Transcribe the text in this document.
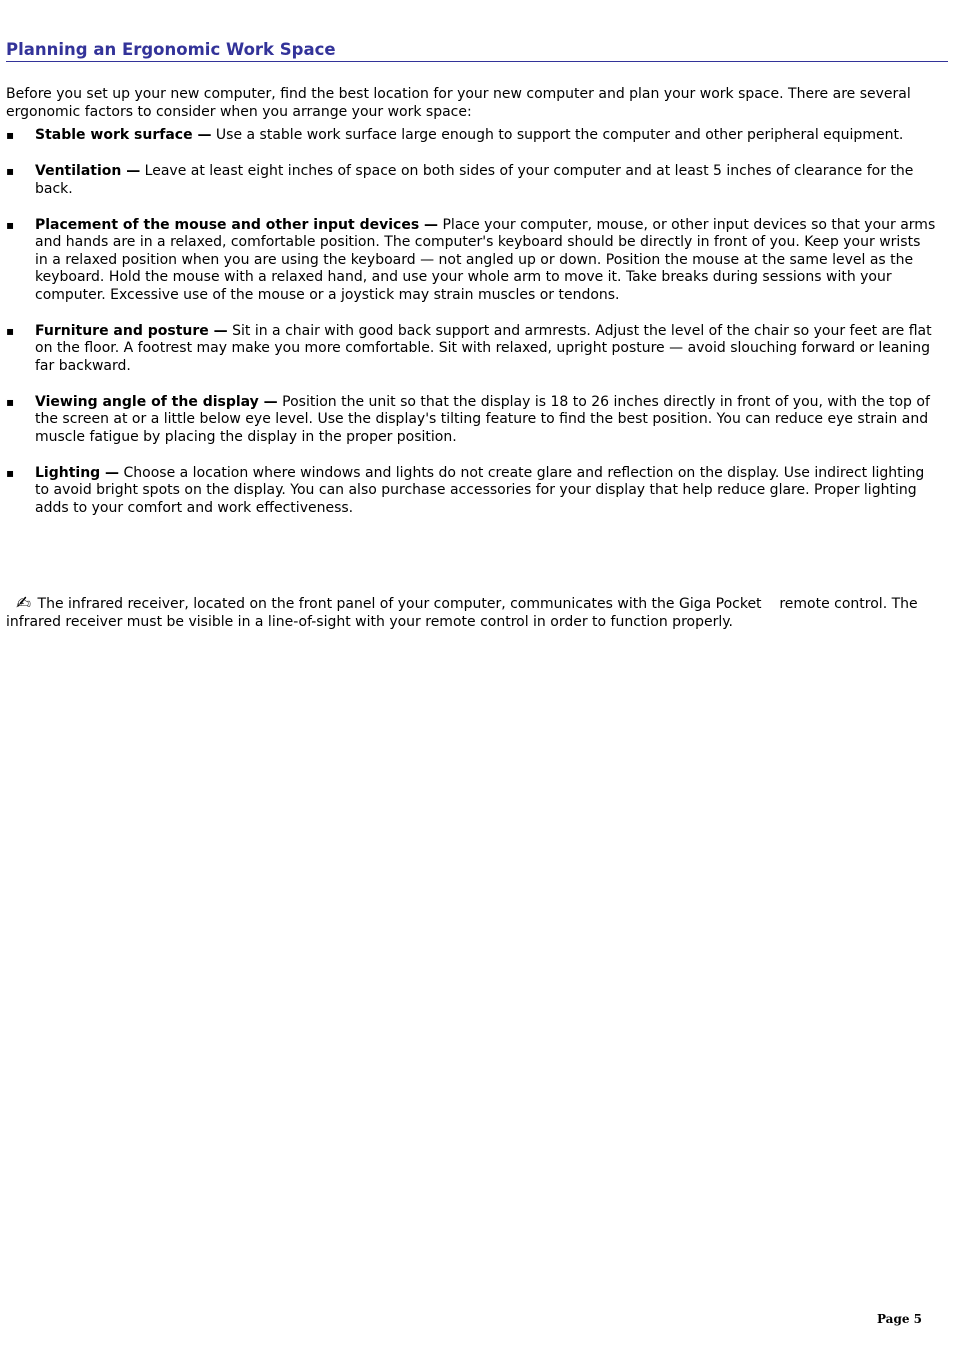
Planning an Ergonomic Work Space

Before you set up your new computer, find the best location for your new computer and plan your work space. There are several ergonomic factors to consider when you arrange your work space:

▪ Stable work surface — Use a stable work surface large enough to support the computer and other peripheral equipment.
▪ Ventilation — Leave at least eight inches of space on both sides of your computer and at least 5 inches of clearance for the back.
▪ Placement of the mouse and other input devices — Place your computer, mouse, or other input devices so that your arms and hands are in a relaxed, comfortable position. The computer's keyboard should be directly in front of you. Keep your wrists in a relaxed position when you are using the keyboard — not angled up or down. Position the mouse at the same level as the keyboard. Hold the mouse with a relaxed hand, and use your whole arm to move it. Take breaks during sessions with your computer. Excessive use of the mouse or a joystick may strain muscles or tendons.
▪ Furniture and posture — Sit in a chair with good back support and armrests. Adjust the level of the chair so your feet are flat on the floor. A footrest may make you more comfortable. Sit with relaxed, upright posture — avoid slouching forward or leaning far backward.
▪ Viewing angle of the display — Position the unit so that the display is 18 to 26 inches directly in front of you, with the top of the screen at or a little below eye level. Use the display's tilting feature to find the best position. You can reduce eye strain and muscle fatigue by placing the display in the proper position.
▪ Lighting — Choose a location where windows and lights do not create glare and reflection on the display. Use indirect lighting to avoid bright spots on the display. You can also purchase accessories for your display that help reduce glare. Proper lighting adds to your comfort and work effectiveness.

✍ The infrared receiver, located on the front panel of your computer, communicates with the Giga Pocket    remote control. The infrared receiver must be visible in a line-of-sight with your remote control in order to function properly.

Page 5
